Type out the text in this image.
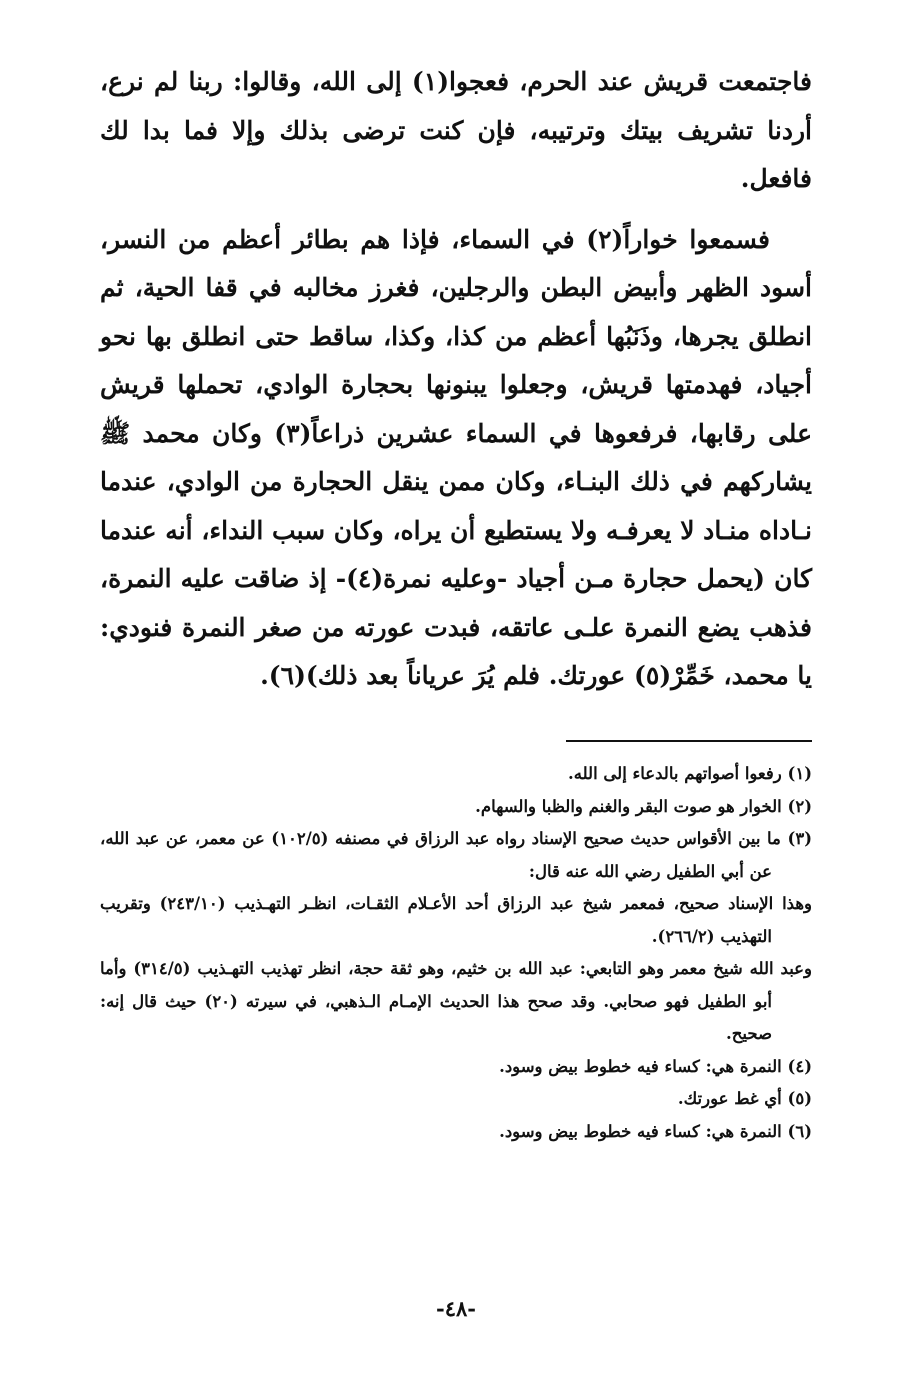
فاجتمعت قريش عند الحرم، فعجوا(١) إلى الله، وقالوا: ربنا لم نرع، أردنا تشريف بيتك وترتيبه، فإن كنت ترضى بذلك وإلا فما بدا لك فافعل.

فسمعوا خواراً(٢) في السماء، فإذا هم بطائر أعظم من النسر، أسود الظهر وأبيض البطن والرجلين، فغرز مخالبه في قفا الحية، ثم انطلق يجرها، وذَنَبُها أعظم من كذا، وكذا، ساقط حتى انطلق بها نحو أجياد، فهدمتها قريش، وجعلوا يبنونها بحجارة الوادي، تحملها قريش على رقابها، فرفعوها في السماء عشرين ذراعاً(٣) وكان محمد ﷺ يشاركهم في ذلك البنـاء، وكان ممن ينقل الحجارة من الوادي، عندما نـاداه منـاد لا يعرفـه ولا يستطيع أن يراه، وكان سبب النداء، أنه عندما كان (يحمل حجارة مـن أجياد -وعليه نمرة(٤)- إذ ضاقت عليه النمرة، فذهب يضع النمرة علـى عاتقه، فبدت عورته من صغر النمرة فنودي: يا محمد، خَمِّرْ(٥) عورتك. فلم يُرَ عرياناً بعد ذلك)(٦).

(١) رفعوا أصواتهم بالدعاء إلى الله.

(٢) الخوار هو صوت البقر والغنم والظبا والسهام.

(٣) ما بين الأقواس حديث صحيح الإسناد رواه عبد الرزاق في مصنفه (١٠٢/٥) عن معمر، عن عبد الله، عن أبي الطفيل رضي الله عنه قال:

وهذا الإسناد صحيح، فمعمر شيخ عبد الرزاق أحد الأعـلام الثقـات، انظـر التهـذيب (٢٤٣/١٠) وتقريب التهذيب (٢٦٦/٢).

وعبد الله شيخ معمر وهو التابعي: عبد الله بن خثيم، وهو ثقة حجة، انظر تهذيب التهـذيب (٣١٤/٥) وأما أبو الطفيل فهو صحابي. وقد صحح هذا الحديث الإمـام الـذهبي، في سيرته (٢٠) حيث قال إنه: صحيح.

(٤) النمرة هي: كساء فيه خطوط بيض وسود.

(٥) أي غط عورتك.

(٦) النمرة هي: كساء فيه خطوط بيض وسود.

-٤٨-
